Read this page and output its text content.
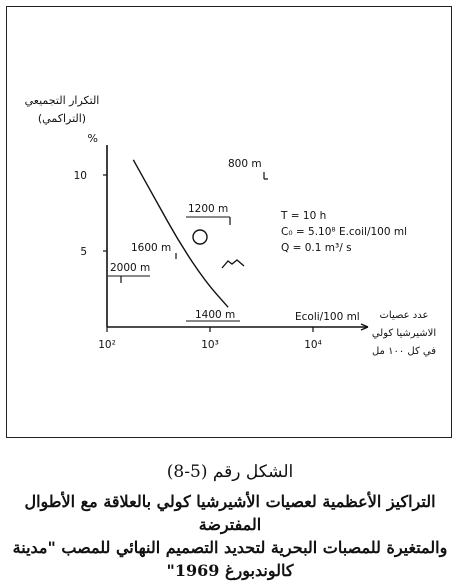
5
10
10²	10³	10⁴
التكرار التجميعي
(التراكمي)
%
عدد عصيات
الاشيرشيا كولي
في كل ١٠٠ مل
Ecoli/100 ml
800 m
1200 m
1600 m
2000 m
1400 m
T = 10 h
C₀ = 5.10⁸ E.coil/100 ml
Q = 0.1 m³/ s
الشكل رقم (5-8)
التراكيز الأعظمية لعصيات الأشيرشيا كولي بالعلاقة مع الأطوال المفترضة
والمتغيرة للمصبات البحرية لتحديد التصميم النهائي للمصب "مدينة
كالوندبورغ 1969"
